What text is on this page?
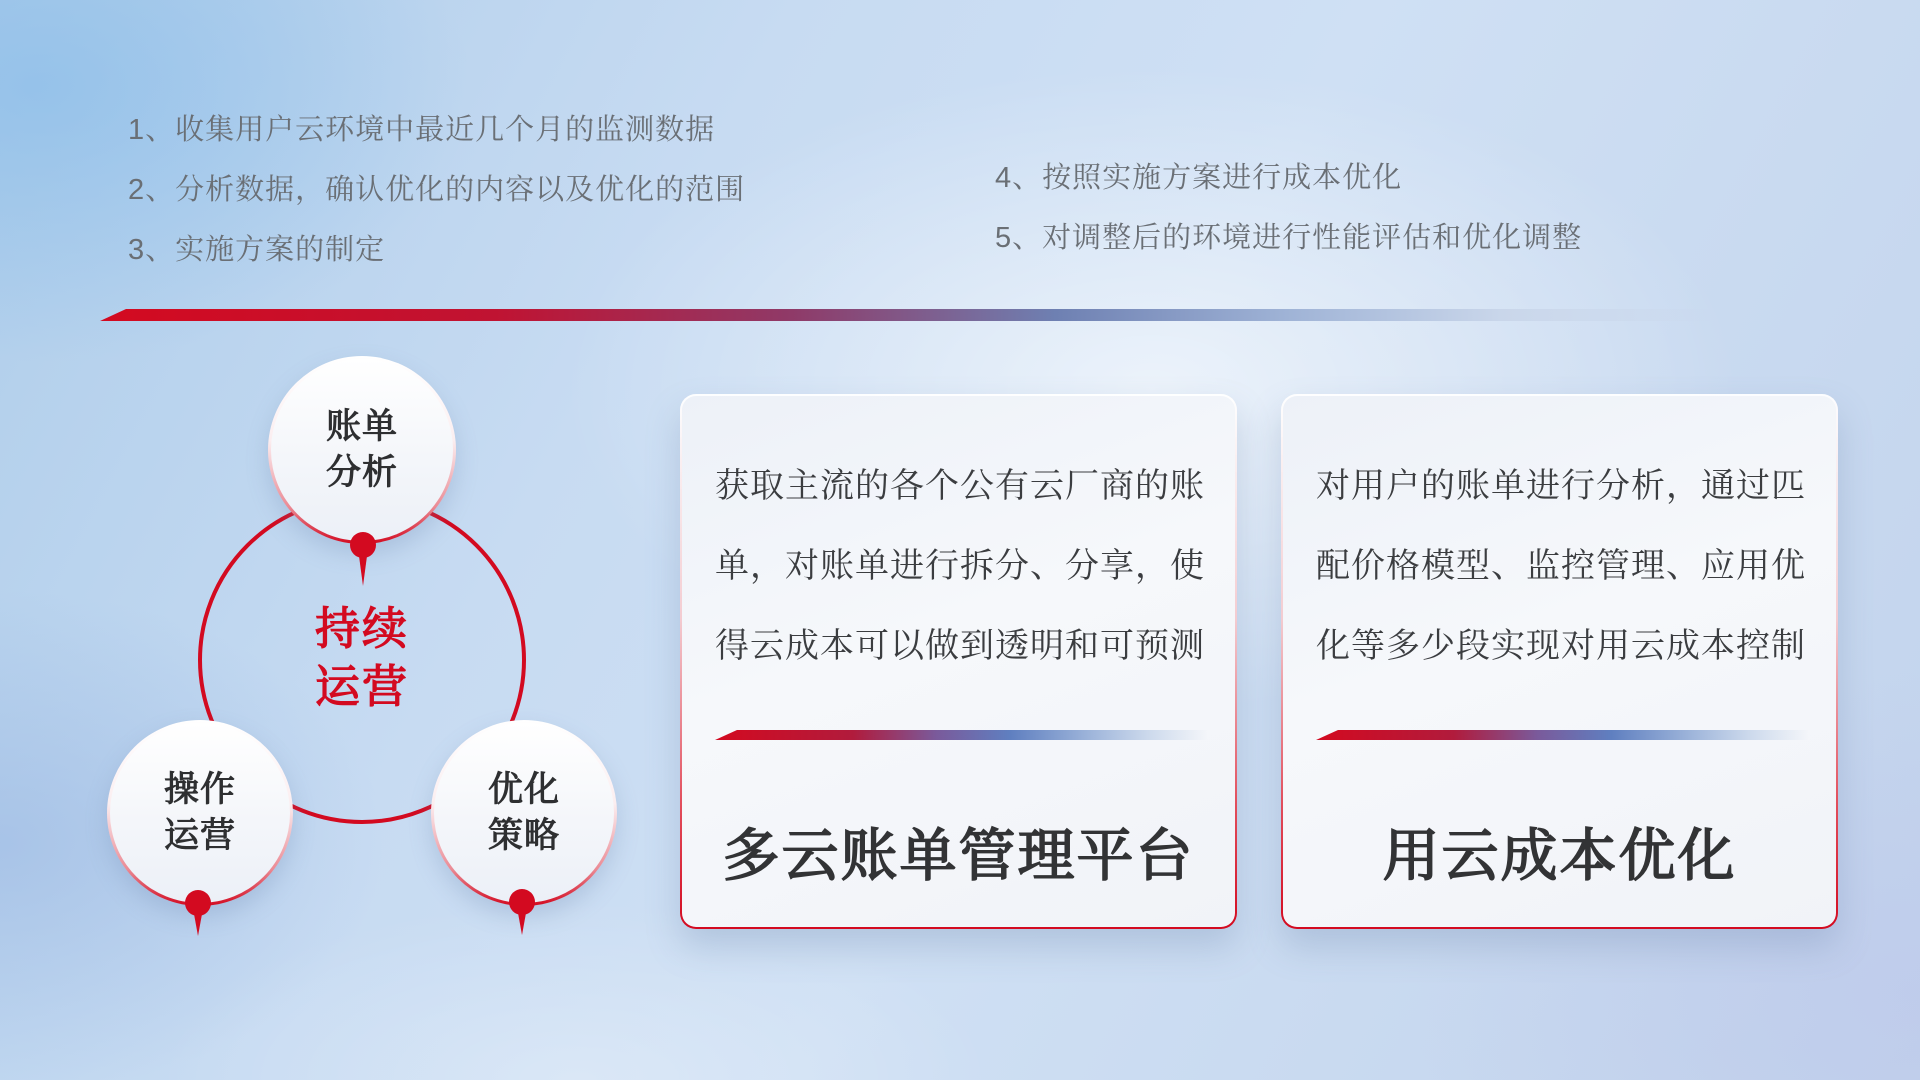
1、收集用户云环境中最近几个月的监测数据
2、分析数据，确认优化的内容以及优化的范围
3、实施方案的制定
4、按照实施方案进行成本优化
5、对调整后的环境进行性能评估和优化调整
持续
运营
账单
分析
操作
运营
优化
策略
获取主流的各个公有云厂商的账单，对账单进行拆分、分享，使得云成本可以做到透明和可预测
多云账单管理平台
对用户的账单进行分析，通过匹配价格模型、监控管理、应用优化等多少段实现对用云成本控制
用云成本优化
